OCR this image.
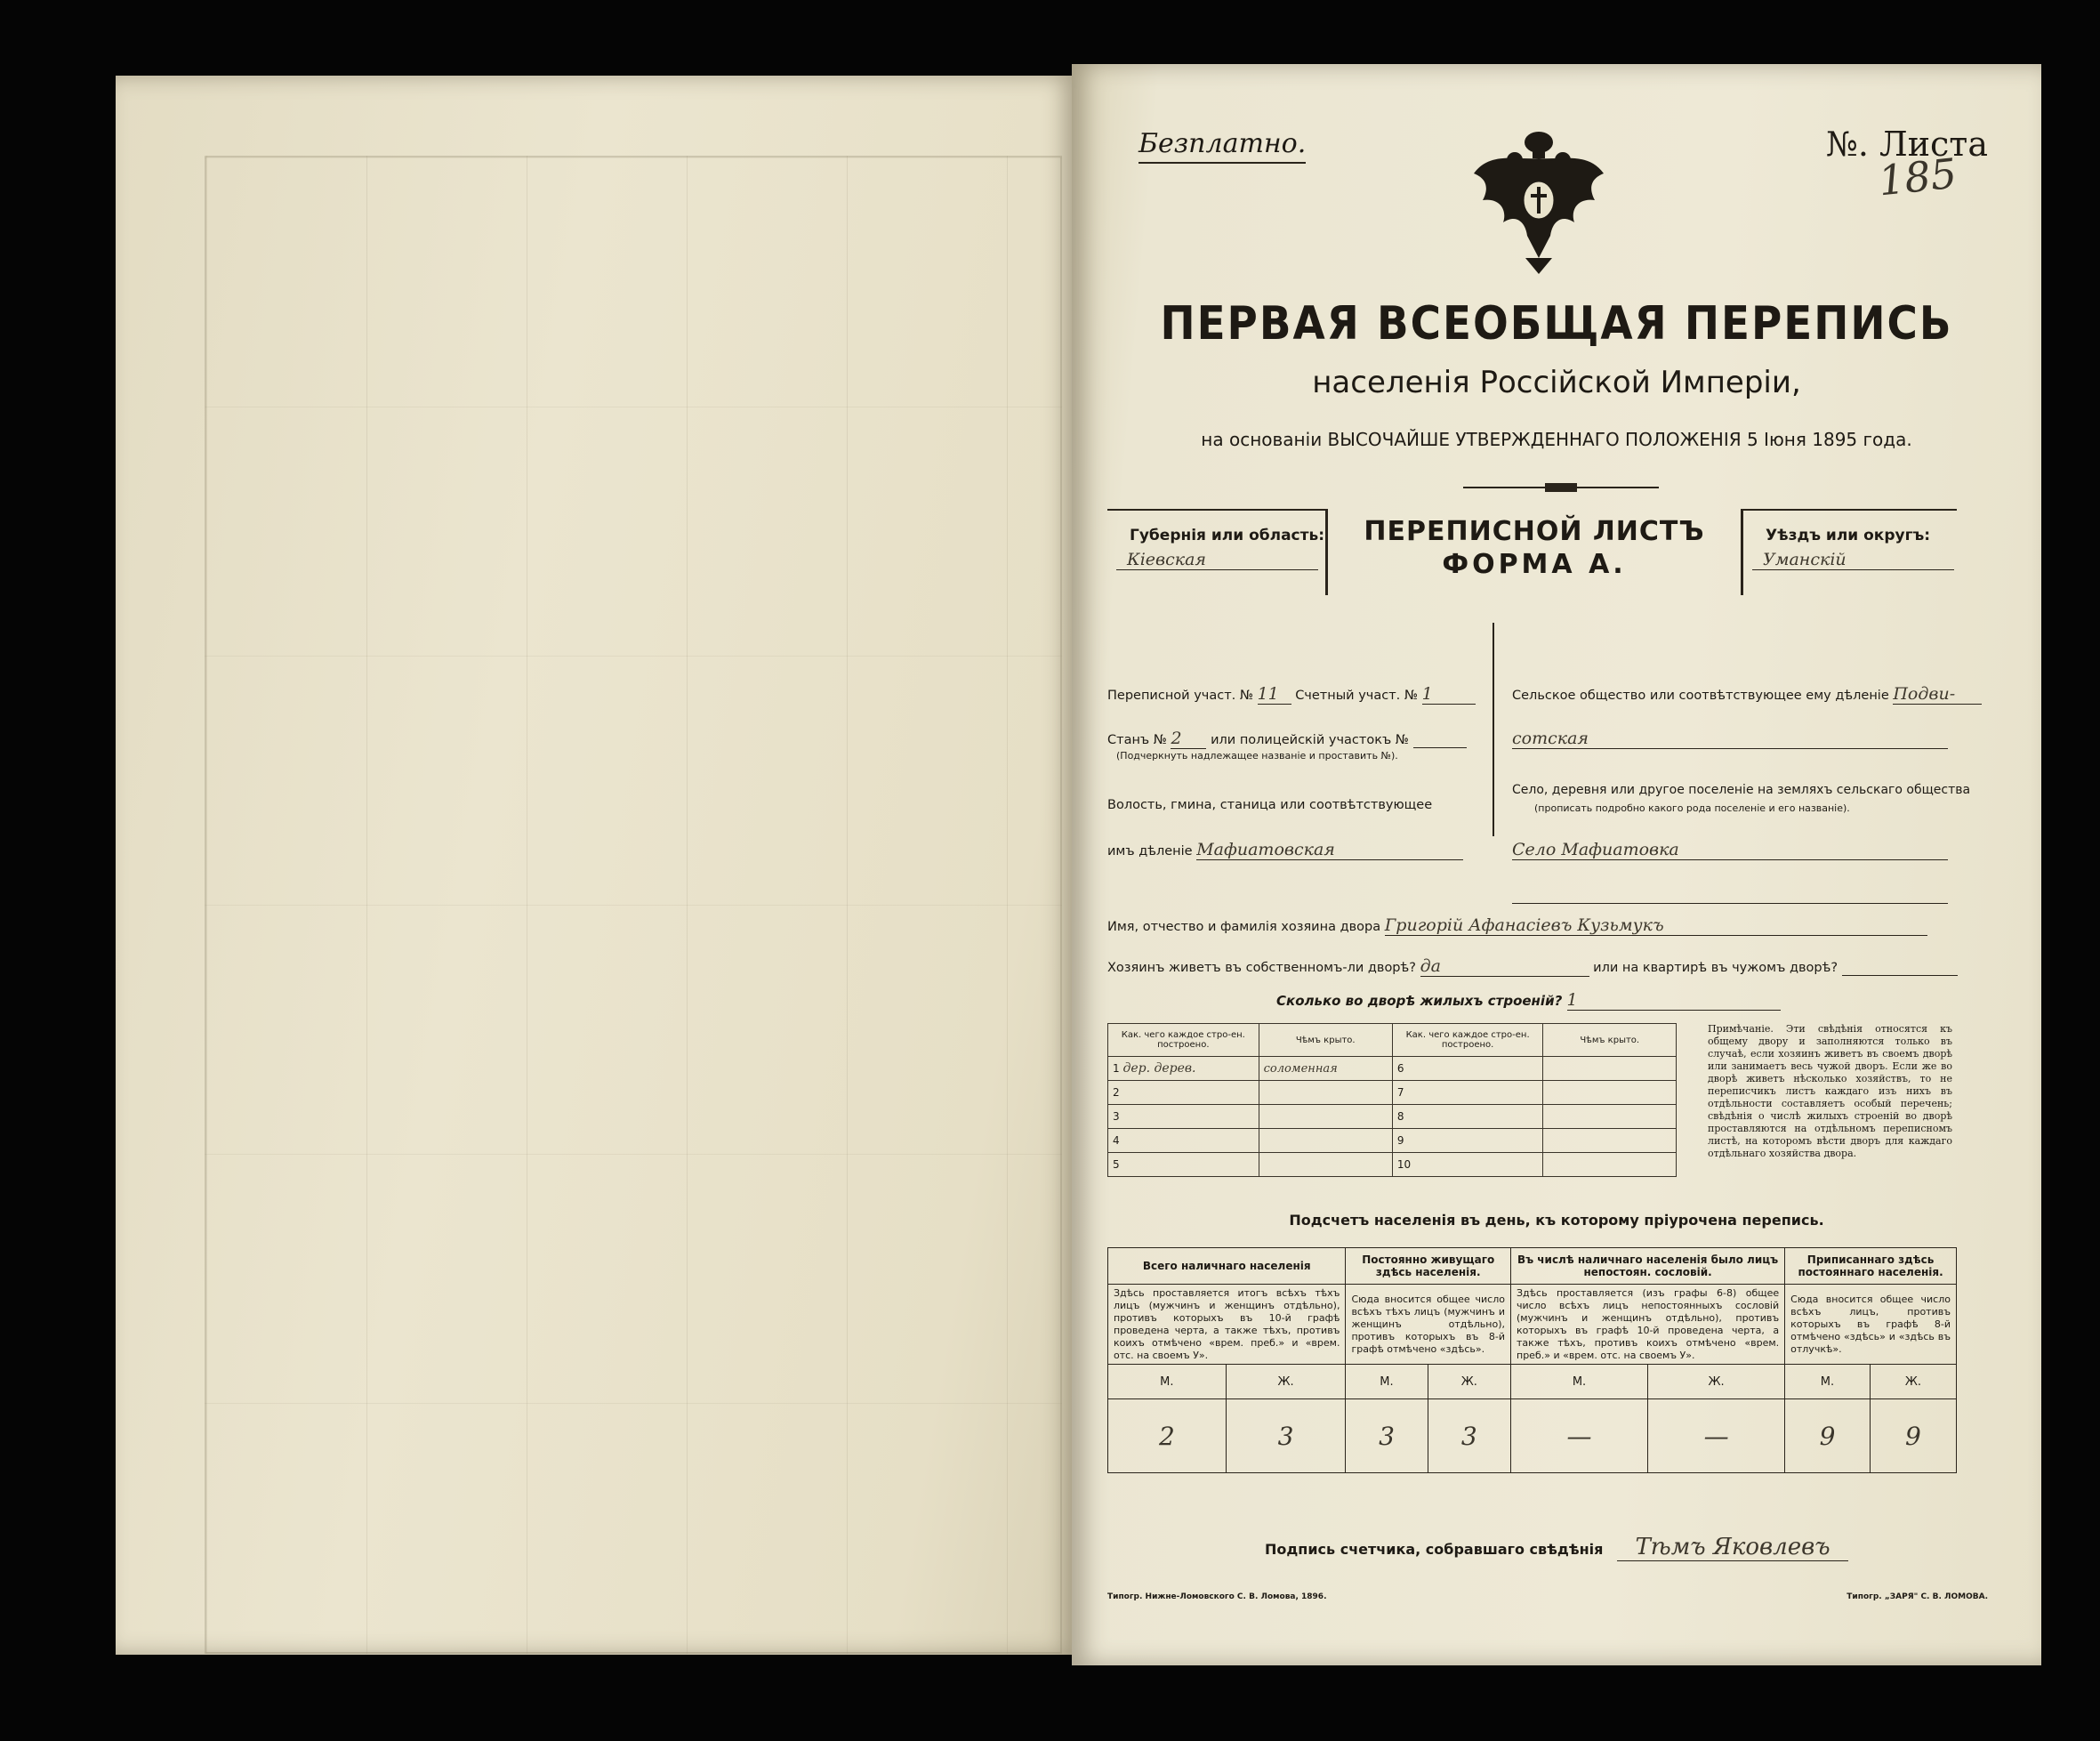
Безплатно.	№. Листа
185
ПЕРВАЯ ВСЕОБЩАЯ ПЕРЕПИСЬ
населенія Россійской Имперіи,
на основаніи ВЫСОЧАЙШЕ УТВЕРЖДЕННАГО ПОЛОЖЕНІЯ 5 Іюня 1895 года.
Губернія или область:
Кіевская
ПЕРЕПИСНОЙ ЛИСТЪ
ФОРМА А.
Уѣздъ или округъ:
Уманскій
Переписной участ. № 11 Счетный участ. № 1
Станъ № 2 или полицейскій участокъ №
(Подчеркнуть надлежащее названіе и проставить №).
Волость, гмина, станица или соотвѣтствующее
имъ дѣленіе Мафиатовская
Сельское общество или соотвѣтствующее ему дѣленіе Подви-
сотская
Село, деревня или другое поселеніе на земляхъ сельскаго общества
(прописать подробно какого рода поселеніе и его названіе).
Село Мафиатовка

Имя, отчество и фамилія хозяина двора Григорій Афанасіевъ Кузьмукъ
Хозяинъ живетъ въ собственномъ-ли дворѣ? да	или на квартирѣ въ чужомъ дворѣ?
Сколько во дворѣ жилыхъ строеній? 1
Как. чего каждое стро-ен. построено.	Чѣмъ крыто.	Как. чего каждое стро-ен. построено.	Чѣмъ крыто.
1 дер. дерев.	соломенная	6	
2		7	
3		8	
4		9	
5		10	
Примѣчаніе. Эти свѣдѣнія относятся къ общему двору и заполняются только въ случаѣ, если хозяинъ живетъ въ своемъ дворѣ или занимаетъ весь чужой дворъ. Если же во дворѣ живетъ нѣсколько хозяйствъ, то не переписчикъ листъ каждаго изъ нихъ въ отдѣльности составляетъ особый перечень; свѣдѣнія о числѣ жилыхъ строеній во дворѣ проставляются на отдѣльномъ переписномъ листѣ, на которомъ вѣсти дворъ для каждаго отдѣльнаго хозяйства двора.
Подсчетъ населенія въ день, къ которому пріурочена перепись.
Всего наличнаго населенія		Постоянно живущаго здѣсь населенія.		Въ числѣ наличнаго населенія было лицъ непостоян. сословій.		Приписаннаго здѣсь постояннаго населенія.	
Здѣсь проставляется итогъ всѣхъ тѣхъ лицъ (мужчинъ и женщинъ отдѣльно), противъ которыхъ въ 10-й графѣ проведена черта, а также тѣхъ, противъ коихъ отмѣчено «врем. преб.» и «врем. отс. на своемъ У».		Сюда вносится общее число всѣхъ тѣхъ лицъ (мужчинъ и женщинъ отдѣльно), противъ которыхъ въ 8-й графѣ отмѣчено «здѣсь».		Здѣсь проставляется (изъ графы 6-8) общее число всѣхъ лицъ непостоянныхъ сословій (мужчинъ и женщинъ отдѣльно), противъ которыхъ въ графѣ 10-й проведена черта, а также тѣхъ, противъ коихъ отмѣчено «врем. преб.» и «врем. отс. на своемъ У».		Сюда вносится общее число всѣхъ лицъ, противъ которыхъ въ графѣ 8-й отмѣчено «здѣсь» и «здѣсь въ отлучкѣ».	
М.	Ж.	М.	Ж.	М.	Ж.	М.	Ж.
2	3	3	3	—	—	9	9
Подпись счетчика, собравшаго свѣдѣнія Тѣмъ Яковлевъ
Типогр. Нижне-Ломовского С. В. Ломова, 1896.	Типогр. „ЗАРЯ" С. В. ЛОМОВА.
